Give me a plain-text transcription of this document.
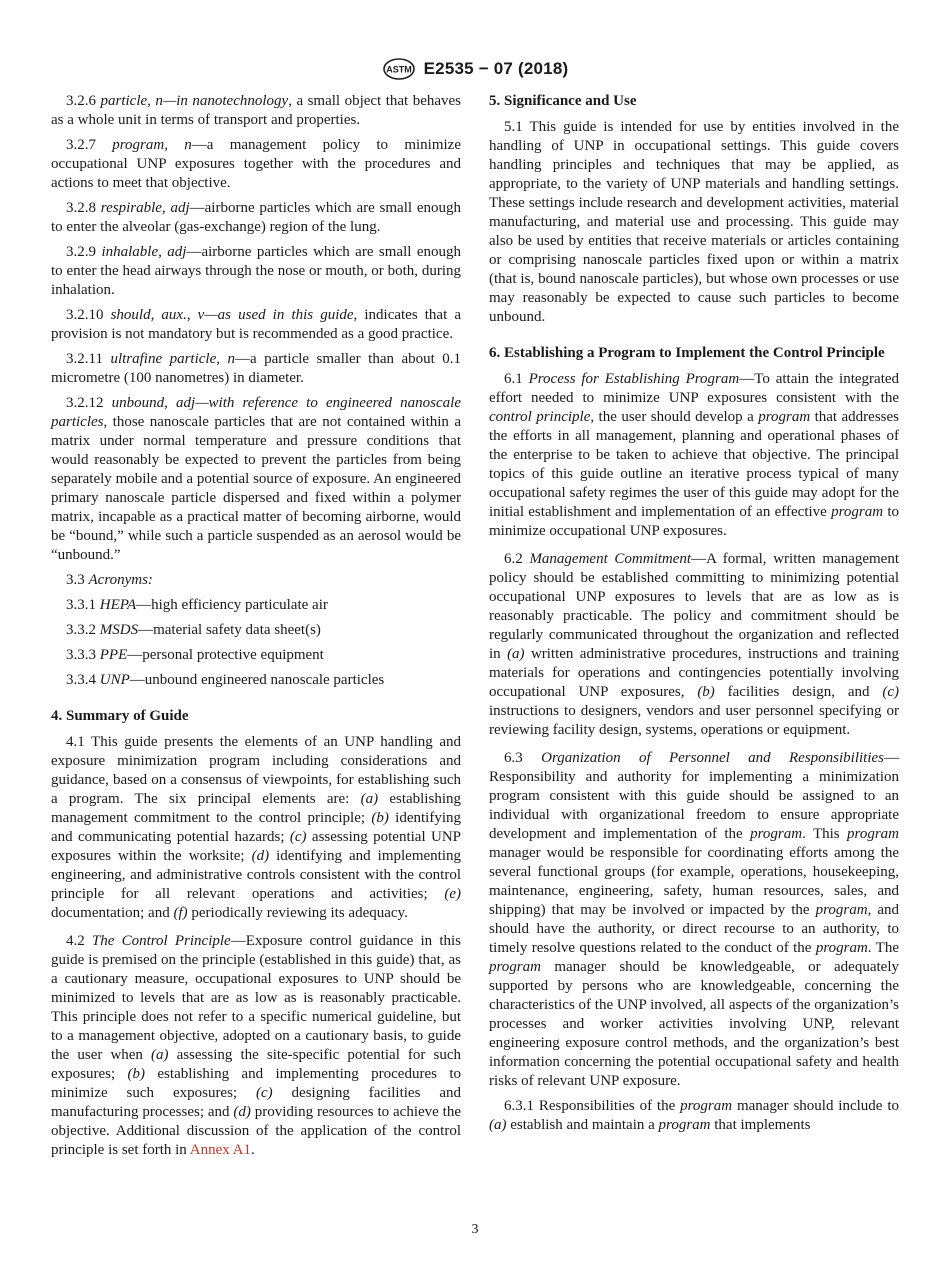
ASTM E2535 − 07 (2018)

3.2.6 particle, n—in nanotechnology, a small object that behaves as a whole unit in terms of transport and properties.

3.2.7 program, n—a management policy to minimize occupational UNP exposures together with the procedures and actions to meet that objective.

3.2.8 respirable, adj—airborne particles which are small enough to enter the alveolar (gas-exchange) region of the lung.

3.2.9 inhalable, adj—airborne particles which are small enough to enter the head airways through the nose or mouth, or both, during inhalation.

3.2.10 should, aux., v—as used in this guide, indicates that a provision is not mandatory but is recommended as a good practice.

3.2.11 ultrafine particle, n—a particle smaller than about 0.1 micrometre (100 nanometres) in diameter.

3.2.12 unbound, adj—with reference to engineered nanoscale particles, those nanoscale particles that are not contained within a matrix under normal temperature and pressure conditions that would reasonably be expected to prevent the particles from being separately mobile and a potential source of exposure. An engineered primary nanoscale particle dispersed and fixed within a polymer matrix, incapable as a practical matter of becoming airborne, would be “bound,” while such a particle suspended as an aerosol would be “unbound.”

3.3 Acronyms:

3.3.1 HEPA—high efficiency particulate air

3.3.2 MSDS—material safety data sheet(s)

3.3.3 PPE—personal protective equipment

3.3.4 UNP—unbound engineered nanoscale particles

4. Summary of Guide

4.1 This guide presents the elements of an UNP handling and exposure minimization program including considerations and guidance, based on a consensus of viewpoints, for establishing such a program. The six principal elements are: (a) establishing management commitment to the control principle; (b) identifying and communicating potential hazards; (c) assessing potential UNP exposures within the worksite; (d) identifying and implementing engineering, and administrative controls consistent with the control principle for all relevant operations and activities; (e) documentation; and (f) periodically reviewing its adequacy.

4.2 The Control Principle—Exposure control guidance in this guide is premised on the principle (established in this guide) that, as a cautionary measure, occupational exposures to UNP should be minimized to levels that are as low as is reasonably practicable. This principle does not refer to a specific numerical guideline, but to a management objective, adopted on a cautionary basis, to guide the user when (a) assessing the site-specific potential for such exposures; (b) establishing and implementing procedures to minimize such exposures; (c) designing facilities and manufacturing processes; and (d) providing resources to achieve the objective. Additional discussion of the application of the control principle is set forth in Annex A1.

5. Significance and Use

5.1 This guide is intended for use by entities involved in the handling of UNP in occupational settings. This guide covers handling principles and techniques that may be applied, as appropriate, to the variety of UNP materials and handling settings. These settings include research and development activities, material manufacturing, and material use and processing. This guide may also be used by entities that receive materials or articles containing or comprising nanoscale particles fixed upon or within a matrix (that is, bound nanoscale particles), but whose own processes or use may reasonably be expected to cause such particles to become unbound.

6. Establishing a Program to Implement the Control Principle

6.1 Process for Establishing Program—To attain the integrated effort needed to minimize UNP exposures consistent with the control principle, the user should develop a program that addresses the efforts in all management, planning and operational phases of the enterprise to be taken to achieve that objective. The principal topics of this guide outline an iterative process typical of many occupational safety regimes the user of this guide may adopt for the initial establishment and implementation of an effective program to minimize occupational UNP exposures.

6.2 Management Commitment—A formal, written management policy should be established committing to minimizing potential occupational UNP exposures to levels that are as low as is reasonably practicable. The policy and commitment should be regularly communicated throughout the organization and reflected in (a) written administrative procedures, instructions and training materials for operations and contingencies potentially involving occupational UNP exposures, (b) facilities design, and (c) instructions to designers, vendors and user personnel specifying or reviewing facility design, systems, operations or equipment.

6.3 Organization of Personnel and Responsibilities—Responsibility and authority for implementing a minimization program consistent with this guide should be assigned to an individual with organizational freedom to ensure appropriate development and implementation of the program. This program manager would be responsible for coordinating efforts among the several functional groups (for example, operations, housekeeping, maintenance, engineering, safety, human resources, sales, and shipping) that may be involved or impacted by the program, and should have the authority, or direct recourse to an authority, to timely resolve questions related to the conduct of the program. The program manager should be knowledgeable, or adequately supported by persons who are knowledgeable, concerning the characteristics of the UNP involved, all aspects of the organization’s processes and worker activities involving UNP, relevant engineering exposure control methods, and the organization’s best information concerning the potential occupational safety and health risks of relevant UNP exposure.

6.3.1 Responsibilities of the program manager should include to (a) establish and maintain a program that implements

3
